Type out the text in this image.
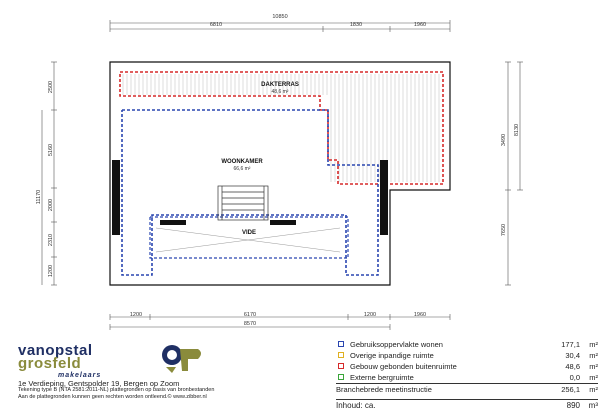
10850
6810	1830	1960
11170
2500
5160
2000
2310
1200
3490
7650
8130
DAKTERRAS
48,6 m²
WOONKAMER
66,6 m²
VIDE
1200	6170	1200	1960
8570
vanopstal
grosfeld
makelaars
1e Verdieping, Gentspolder 19, Bergen op Zoom
Tekening type B (NTA 2581:2011-NL) plattegronden op basis van bronbestanden
Aan de plattegronden kunnen geen rechten worden ontleend.© www.zibber.nl
Gebruiksoppervlakte wonen	177,1 m²
Overige inpandige ruimte	30,4 m²
Gebouw gebonden buitenruimte	48,6 m²
Externe bergruimte	0,0 m²
Branchebrede meetinstructie	256,1 m²
Inhoud: ca.	890 m³
